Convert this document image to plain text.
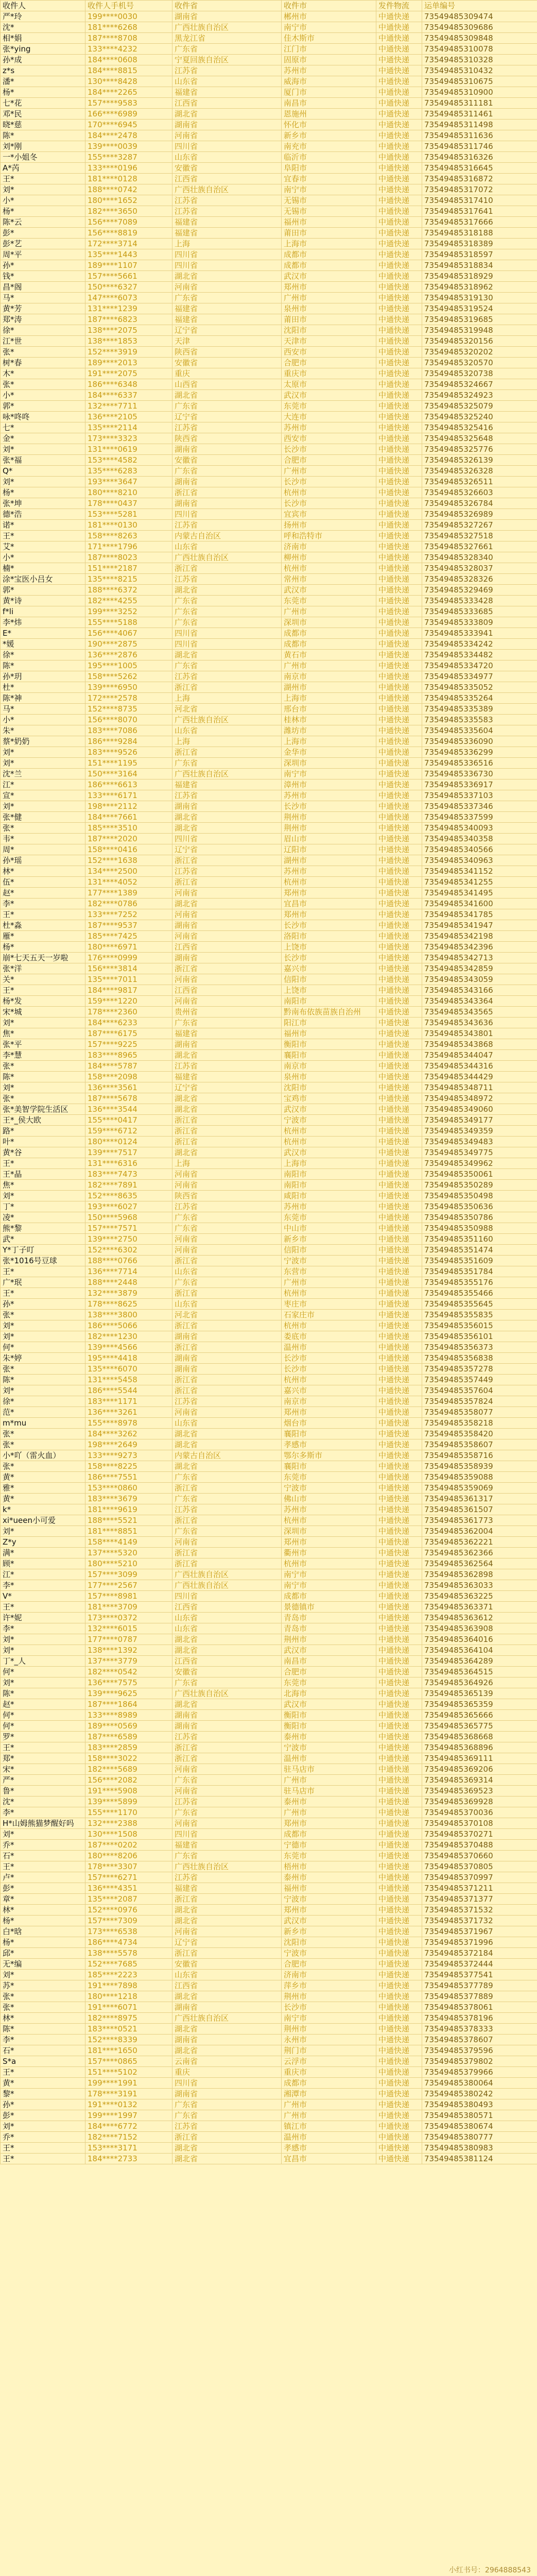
收件人	收件人手机号	收件省	收件市	发件物流	运单编号
严*玲	199****0030	湖南省	郴州市	中通快递	73549485309474
沈*	181****6268	广西壮族自治区	南宁市	中通快递	73549485309686
相*娟	187****8708	黑龙江省	佳木斯市	中通快递	73549485309848
张*ying	133****4232	广东省	江门市	中通快递	73549485310078
孙*成	184****0608	宁夏回族自治区	固原市	中通快递	73549485310328
z*s	184****8815	江苏省	苏州市	中通快递	73549485310432
潘*	130****8428	山东省	威海市	中通快递	73549485310675
杨*	184****2265	福建省	厦门市	中通快递	73549485310900
七*花	157****9583	江西省	南昌市	中通快递	73549485311181
邓*民	166****6989	湖北省	恩施州	中通快递	73549485311461
晓*慈	170****6945	湖南省	怀化市	中通快递	73549485311498
陈*	184****2478	河南省	新乡市	中通快递	73549485311636
刘*刚	139****0039	四川省	南充市	中通快递	73549485311746
一*小姐冬	155****3287	山东省	临沂市	中通快递	73549485316326
A*芮	133****0196	安徽省	阜阳市	中通快递	73549485316645
王*	181****0128	江西省	宜春市	中通快递	73549485316872
刘*	188****0742	广西壮族自治区	南宁市	中通快递	73549485317072
小*	180****1652	江苏省	无锡市	中通快递	73549485317410
杨*	182****3650	江苏省	无锡市	中通快递	73549485317641
陈*云	156****7089	福建省	福州市	中通快递	73549485317666
彭*	156****8819	福建省	莆田市	中通快递	73549485318188
彭*艺	172****3714	上海	上海市	中通快递	73549485318389
周*平	135****1443	四川省	成都市	中通快递	73549485318597
孙*	189****1107	四川省	成都市	中通快递	73549485318834
钱*	157****5661	湖北省	武汉市	中通快递	73549485318929
昌*阁	150****6327	河南省	郑州市	中通快递	73549485318962
马*	147****6073	广东省	广州市	中通快递	73549485319130
黄*芳	131****1239	福建省	泉州市	中通快递	73549485319524
郑*涛	187****6823	福建省	莆田市	中通快递	73549485319685
徐*	138****2075	辽宁省	沈阳市	中通快递	73549485319948
江*世	138****1853	天津	天津市	中通快递	73549485320156
张*	152****3919	陕西省	西安市	中通快递	73549485320202
树*春	189****2013	安徽省	合肥市	中通快递	73549485320570
木*	191****2075	重庆	重庆市	中通快递	73549485320738
张*	186****6348	山西省	太原市	中通快递	73549485324667
小*	184****6337	湖北省	武汉市	中通快递	73549485324923
郭*	132****7711	广东省	东莞市	中通快递	73549485325079
咏*咚咚	136****2105	辽宁省	大连市	中通快递	73549485325240
七*	135****2114	江苏省	苏州市	中通快递	73549485325416
金*	173****3323	陕西省	西安市	中通快递	73549485325648
刘*	131****0619	湖南省	长沙市	中通快递	73549485325776
张*福	153****4582	安徽省	合肥市	中通快递	73549485326139
Q*	135****6283	广东省	广州市	中通快递	73549485326328
刘*	193****3647	湖南省	长沙市	中通快递	73549485326511
杨*	180****8210	浙江省	杭州市	中通快递	73549485326603
张*坤	178****0437	湖南省	长沙市	中通快递	73549485326784
德*浩	153****5281	四川省	宜宾市	中通快递	73549485326989
诺*	181****0130	江苏省	扬州市	中通快递	73549485327267
王*	158****8263	内蒙古自治区	呼和浩特市	中通快递	73549485327518
艾*	171****1796	山东省	济南市	中通快递	73549485327661
小*	187****8023	广西壮族自治区	柳州市	中通快递	73549485328340
楠*	151****2187	浙江省	杭州市	中通快递	73549485328037
涂*宝医小吕女	135****8215	江苏省	常州市	中通快递	73549485328326
郭*	188****6372	湖北省	武汉市	中通快递	73549485329469
黄*诗	182****4255	广东省	东莞市	中通快递	73549485333428
f*li	199****3252	广东省	广州市	中通快递	73549485333685
李*炜	155****5188	广东省	深圳市	中通快递	73549485333809
E*	156****4067	四川省	成都市	中通快递	73549485333941
*媛	190****2875	四川省	成都市	中通快递	73549485334242
徐*	136****2876	湖北省	黄石市	中通快递	73549485334482
陈*	195****1005	广东省	广州市	中通快递	73549485334720
孙*玥	158****5262	江苏省	南京市	中通快递	73549485334977
杜*	139****6950	浙江省	湖州市	中通快递	73549485335052
陈*神	172****2578	上海	上海市	中通快递	73549485335264
马*	152****8735	河北省	邢台市	中通快递	73549485335389
小*	156****8070	广西壮族自治区	桂林市	中通快递	73549485335583
朱*	183****7086	山东省	潍坊市	中通快递	73549485335604
蔡*奶奶	186****9284	上海	上海市	中通快递	73549485336090
刘*	183****9526	浙江省	金华市	中通快递	73549485336299
刘*	151****1195	广东省	深圳市	中通快递	73549485336516
沈*兰	150****3164	广西壮族自治区	南宁市	中通快递	73549485336730
江*	186****6613	福建省	漳州市	中通快递	73549485336917
宣*	133****6171	江苏省	苏州市	中通快递	73549485337103
刘*	198****2112	湖南省	长沙市	中通快递	73549485337346
张*健	184****7661	湖北省	荆州市	中通快递	73549485337599
张*	185****3510	湖北省	荆州市	中通快递	73549485340093
韦*	187****2020	四川省	眉山市	中通快递	73549485340358
周*	158****0416	辽宁省	辽阳市	中通快递	73549485340566
孙*瑶	152****1638	浙江省	湖州市	中通快递	73549485340963
林*	134****2500	江苏省	苏州市	中通快递	73549485341152
伍*	131****4052	浙江省	杭州市	中通快递	73549485341255
赵*	177****1389	河南省	郑州市	中通快递	73549485341495
李*	182****0786	湖北省	宜昌市	中通快递	73549485341600
王*	133****7252	河南省	郑州市	中通快递	73549485341785
杜*淼	187****9537	湖南省	长沙市	中通快递	73549485341947
雁*	185****7425	河南省	洛阳市	中通快递	73549485342198
杨*	180****6971	江西省	上饶市	中通快递	73549485342396
崩*七天五天一岁啦	176****0999	湖南省	长沙市	中通快递	73549485342713
张*洋	156****3814	浙江省	嘉兴市	中通快递	73549485342859
关*	135****7011	河南省	信阳市	中通快递	73549485343059
王*	184****9817	江西省	上饶市	中通快递	73549485343166
杨*发	159****1220	河南省	南阳市	中通快递	73549485343364
宋*城	178****2360	贵州省	黔南布依族苗族自治州	中通快递	73549485343565
刘*	184****6233	广东省	阳江市	中通快递	73549485343636
焦*	187****6175	福建省	福州市	中通快递	73549485343801
张*平	157****9225	湖南省	衡阳市	中通快递	73549485343868
李*慧	183****8965	湖北省	襄阳市	中通快递	73549485344047
张*	184****5787	江苏省	南京市	中通快递	73549485344316
陈*	158****2098	福建省	泉州市	中通快递	73549485344429
刘*	136****3561	辽宁省	沈阳市	中通快递	73549485348711
张*	187****5678	湖北省	宝鸡市	中通快递	73549485348972
张*美智学院生活区	136****3544	湖北省	武汉市	中通快递	73549485349060
王*_侯大欧	155****0417	浙江省	宁波市	中通快递	73549485349177
路*	159****6712	浙江省	杭州市	中通快递	73549485349359
叶*	180****0124	浙江省	杭州市	中通快递	73549485349483
黄*谷	139****7517	湖北省	武汉市	中通快递	73549485349775
王*	131****6316	上海	上海市	中通快递	73549485349962
王*晶	183****7473	河南省	南阳市	中通快递	73549485350061
焦*	182****7891	河南省	南阳市	中通快递	73549485350289
刘*	152****8635	陕西省	咸阳市	中通快递	73549485350498
丁*	193****6027	江苏省	苏州市	中通快递	73549485350636
凌*	150****5968	广东省	东莞市	中通快递	73549485350786
熊*黎	157****7571	广东省	中山市	中通快递	73549485350988
武*	139****2750	河南省	新乡市	中通快递	73549485351160
Y*丁子叮	152****6302	河南省	信阳市	中通快递	73549485351474
张*1016号豆球	188****0766	浙江省	宁波市	中通快递	73549485351609
王*	136****7714	山东省	东营市	中通快递	73549485351784
广*珉	188****2448	广东省	广州市	中通快递	73549485355176
王*	132****3879	浙江省	杭州市	中通快递	73549485355466
孙*	178****8625	山东省	枣庄市	中通快递	73549485355645
张*	138****3800	河北省	石家庄市	中通快递	73549485355835
刘*	186****5066	浙江省	杭州市	中通快递	73549485356015
刘*	182****1230	湖南省	娄底市	中通快递	73549485356101
何*	139****4566	浙江省	温州市	中通快递	73549485356373
朱*婷	195****4418	湖南省	长沙市	中通快递	73549485356838
张*	135****6070	湖南省	长沙市	中通快递	73549485357278
陈*	131****5458	浙江省	杭州市	中通快递	73549485357449
刘*	186****5544	浙江省	嘉兴市	中通快递	73549485357604
徐*	183****1171	江苏省	南京市	中通快递	73549485357824
范*	136****3261	河南省	郑州市	中通快递	73549485358077
m*mu	155****8978	山东省	烟台市	中通快递	73549485358218
张*	184****3262	湖北省	襄阳市	中通快递	73549485358420
张*	198****2649	湖北省	孝感市	中通快递	73549485358607
小*吖（雷火血）	133****9273	内蒙古自治区	鄂尔多斯市	中通快递	73549485358716
张*	158****8225	湖北省	襄阳市	中通快递	73549485358939
黄*	186****7551	广东省	东莞市	中通快递	73549485359088
雅*	153****0860	浙江省	宁波市	中通快递	73549485359069
黄*	183****3679	广东省	佛山市	中通快递	73549485361317
k*	181****9619	江苏省	苏州市	中通快递	73549485361507
xi*ueen小可爱	188****5521	浙江省	杭州市	中通快递	73549485361773
刘*	181****8851	广东省	深圳市	中通快递	73549485362004
Z*y	158****4149	河南省	郑州市	中通快递	73549485362221
满*	137****5320	浙江省	衢州市	中通快递	73549485362366
顾*	180****5210	浙江省	杭州市	中通快递	73549485362564
江*	157****3099	广西壮族自治区	南宁市	中通快递	73549485362898
李*	177****2567	广西壮族自治区	南宁市	中通快递	73549485363033
V*	157****8981	四川省	成都市	中通快递	73549485363225
王*	181****3709	江西省	景德镇市	中通快递	73549485363371
许*妮	173****0372	山东省	青岛市	中通快递	73549485363612
李*	132****6015	山东省	青岛市	中通快递	73549485363908
刘*	177****0787	湖北省	荆州市	中通快递	73549485364016
刘*	138****1392	湖北省	武汉市	中通快递	73549485364104
丁*_人	137****3779	江西省	南昌市	中通快递	73549485364289
何*	182****0542	安徽省	合肥市	中通快递	73549485364515
刘*	136****7575	广东省	东莞市	中通快递	73549485364926
陈*	139****9625	广西壮族自治区	北海市	中通快递	73549485365139
赵*	187****1864	湖北省	武汉市	中通快递	73549485365359
何*	133****8989	湖南省	衡阳市	中通快递	73549485365666
何*	189****0569	湖南省	衡阳市	中通快递	73549485365775
罗*	187****6589	江苏省	泰州市	中通快递	73549485368668
王*	183****2859	浙江省	宁波市	中通快递	73549485368896
郑*	158****3022	浙江省	温州市	中通快递	73549485369111
宋*	182****5689	河南省	驻马店市	中通快递	73549485369206
严*	156****2082	广东省	广州市	中通快递	73549485369314
鲁*	191****5908	河南省	驻马店市	中通快递	73549485369523
沈*	139****5899	江苏省	泰州市	中通快递	73549485369928
李*	155****1170	广东省	广州市	中通快递	73549485370036
H*山姆熊猫梦醒好吗	132****2388	河南省	郑州市	中通快递	73549485370108
刘*	130****1508	四川省	成都市	中通快递	73549485370271
乔*	187****0202	福建省	宁德市	中通快递	73549485370488
石*	180****8206	广东省	东莞市	中通快递	73549485370660
王*	178****3307	广西壮族自治区	梧州市	中通快递	73549485370805
卢*	157****6271	江苏省	泰州市	中通快递	73549485370997
彭*	136****4351	福建省	福州市	中通快递	73549485371211
章*	135****2087	浙江省	宁波市	中通快递	73549485371377
林*	152****0976	湖北省	郑州市	中通快递	73549485371532
杨*	157****7309	湖北省	武汉市	中通快递	73549485371732
白*晗	173****6538	河南省	新乡市	中通快递	73549485371967
杨*	186****4734	辽宁省	沈阳市	中通快递	73549485371996
邱*	138****5578	浙江省	宁波市	中通快递	73549485372184
无*编	152****7685	安徽省	合肥市	中通快递	73549485372444
刘*	185****2223	山东省	济南市	中通快递	73549485377541
苏*	191****7898	江西省	萍乡市	中通快递	73549485377789
张*	180****1218	湖北省	荆州市	中通快递	73549485377889
张*	191****6071	湖南省	长沙市	中通快递	73549485378061
林*	182****8975	广西壮族自治区	南宁市	中通快递	73549485378196
陈*	183****0521	湖北省	荆州市	中通快递	73549485378333
李*	152****8339	湖南省	永州市	中通快递	73549485378607
石*	181****1650	湖北省	荆门市	中通快递	73549485379596
S*a	157****0865	云南省	云浮市	中通快递	73549485379802
王*	151****5102	重庆	重庆市	中通快递	73549485379966
黄*	199****1991	四川省	成都市	中通快递	73549485380064
黎*	178****3191	湖南省	湘潭市	中通快递	73549485380242
孙*	191****0132	广东省	广州市	中通快递	73549485380493
彭*	199****1997	广东省	广州市	中通快递	73549485380571
刘*	184****6772	江苏省	镇江市	中通快递	73549485380674
乔*	182****7152	浙江省	温州市	中通快递	73549485380777
王*	153****3171	湖北省	孝感市	中通快递	73549485380983
王*	184****2733	湖北省	宜昌市	中通快递	73549485381124
小红书号：2964888543
